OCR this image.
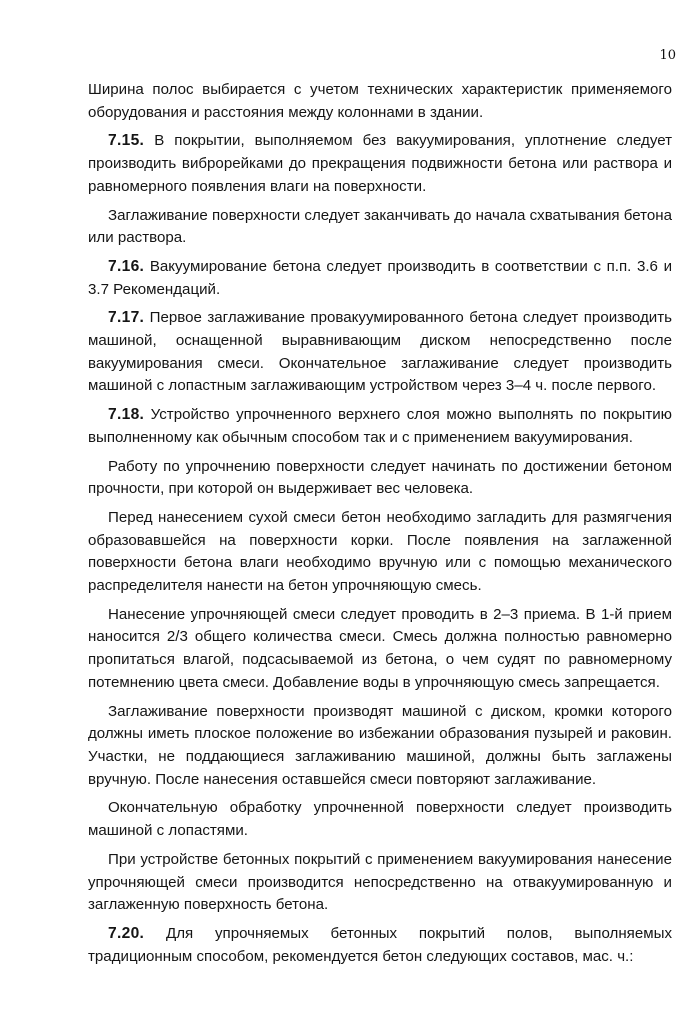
10

Ширина полос выбирается с учетом технических характеристик применяемого оборудования и расстояния между колоннами в здании.

7.15. В покрытии, выполняемом без вакуумирования, уплотнение следует производить виброрейками до прекращения подвижности бетона или раствора и равномерного появления влаги на поверхности.

Заглаживание поверхности следует заканчивать до начала схватывания бетона или раствора.

7.16. Вакуумирование бетона следует производить в соответствии с п.п. 3.6 и 3.7 Рекомендаций.

7.17. Первое заглаживание провакуумированного бетона следует производить машиной, оснащенной выравнивающим диском непосредственно после вакуумирования смеси. Окончательное заглаживание следует производить машиной с лопастным заглаживающим устройством через 3–4 ч. после первого.

7.18. Устройство упрочненного верхнего слоя можно выполнять по покрытию выполненному как обычным способом так и с применением вакуумирования.

Работу по упрочнению поверхности следует начинать по достижении бетоном прочности, при которой он выдерживает вес человека.

Перед нанесением сухой смеси бетон необходимо загладить для размягчения образовавшейся на поверхности корки. После появления на заглаженной поверхности бетона влаги необходимо вручную или с помощью механического распределителя нанести на бетон упрочняющую смесь.

Нанесение упрочняющей смеси следует проводить в 2–3 приема. В 1-й прием наносится 2/3 общего количества смеси. Смесь должна полностью равномерно пропитаться влагой, подсасываемой из бетона, о чем судят по равномерному потемнению цвета смеси. Добавление воды в упрочняющую смесь запрещается.

Заглаживание поверхности производят машиной с диском, кромки которого должны иметь плоское положение во избежании образования пузырей и раковин. Участки, не поддающиеся заглаживанию машиной, должны быть заглажены вручную. После нанесения оставшейся смеси повторяют заглаживание.

Окончательную обработку упрочненной поверхности следует производить машиной с лопастями.

При устройстве бетонных покрытий с применением вакуумирования нанесение упрочняющей смеси производится непосредственно на отвакуумированную и заглаженную поверхность бетона.

7.20. Для упрочняемых бетонных покрытий полов, выполняемых традиционным способом, рекомендуется бетон следующих составов, мас. ч.:
